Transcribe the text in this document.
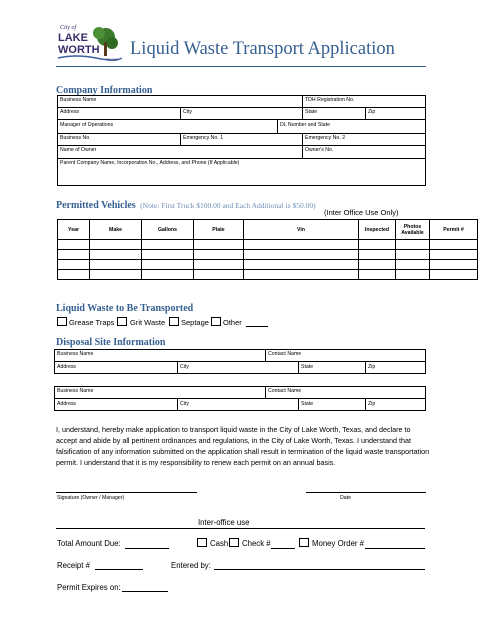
City of
LAKE WORTH
TEXAS
Liquid Waste Transport Application
Company Information
Business Name	TDH Registration No.
Address	City	State	Zip
Manager of Operations	DL Number and State
Business No.	Emergency No. 1	Emergency No. 2
Name of Owner	Owner's No.
Parent Company Name, Incorporation No., Address, and Phone (If Applicable)
Permitted Vehicles (Note: First Truck $100.00 and Each Additional is $50.00)
(Inter Office Use Only)
Year	Make	Gallons	Plate	Vin	Inspected	Photos Available	Permit #

Liquid Waste to Be Transported
Grease Traps Grit Waste Septage Other
Disposal Site Information
Business Name	Contact Name
Address	City	State	Zip
Business Name	Contact Name
Address	City	State	Zip
I, understand, hereby make application to transport liquid waste in the City of Lake Worth, Texas, and declare to accept and abide by all pertinent ordinances and regulations, in the City of Lake Worth, Texas. I understand that falsification of any information submitted on the application shall result in termination of the liquid waste transportation permit. I understand that it is my responsibility to renew each permit on an annual basis.
Signature (Owner / Manager)	Date
Inter-office use
Total Amount Due:	Cash Check #	Money Order #
Receipt #	Entered by:
Permit Expires on:
